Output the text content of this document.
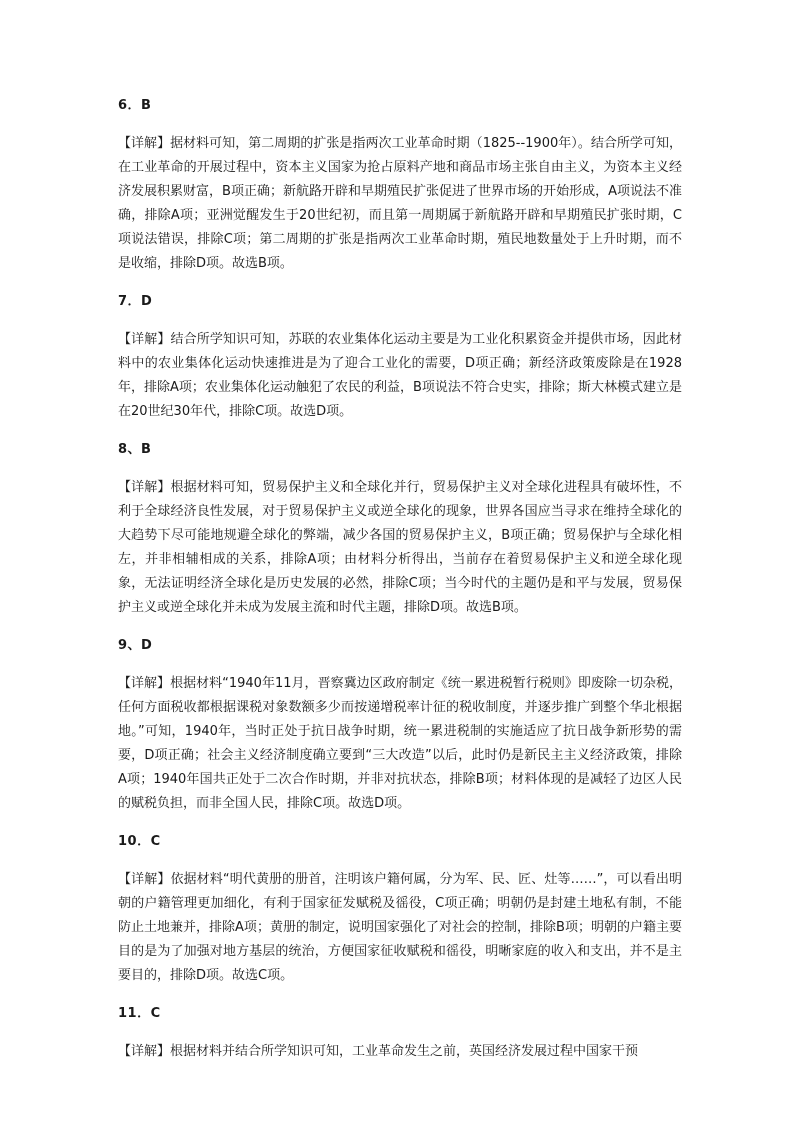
6．B
【详解】据材料可知，第二周期的扩张是指两次工业革命时期（1825--1900年）。结合所学可知，在工业革命的开展过程中，资本主义国家为抢占原料产地和商品市场主张自由主义，为资本主义经济发展积累财富，B项正确；新航路开辟和早期殖民扩张促进了世界市场的开始形成，A项说法不准确，排除A项；亚洲觉醒发生于20世纪初，而且第一周期属于新航路开辟和早期殖民扩张时期，C项说法错误，排除C项；第二周期的扩张是指两次工业革命时期，殖民地数量处于上升时期，而不是收缩，排除D项。故选B项。
7．D
【详解】结合所学知识可知，苏联的农业集体化运动主要是为工业化积累资金并提供市场，因此材料中的农业集体化运动快速推进是为了迎合工业化的需要，D项正确；新经济政策废除是在1928年，排除A项；农业集体化运动触犯了农民的利益，B项说法不符合史实，排除；斯大林模式建立是在20世纪30年代，排除C项。故选D项。
8、B
【详解】根据材料可知，贸易保护主义和全球化并行，贸易保护主义对全球化进程具有破坏性，不利于全球经济良性发展，对于贸易保护主义或逆全球化的现象，世界各国应当寻求在维持全球化的大趋势下尽可能地规避全球化的弊端，减少各国的贸易保护主义，B项正确；贸易保护与全球化相左，并非相辅相成的关系，排除A项；由材料分析得出，当前存在着贸易保护主义和逆全球化现象，无法证明经济全球化是历史发展的必然，排除C项；当今时代的主题仍是和平与发展，贸易保护主义或逆全球化并未成为发展主流和时代主题，排除D项。故选B项。
9、D
【详解】根据材料“1940年11月，晋察冀边区政府制定《统一累进税暂行税则》即废除一切杂税，任何方面税收都根据课税对象数额多少而按递增税率计征的税收制度，并逐步推广到整个华北根据地。”可知，1940年，当时正处于抗日战争时期，统一累进税制的实施适应了抗日战争新形势的需要，D项正确；社会主义经济制度确立要到“三大改造”以后，此时仍是新民主主义经济政策，排除A项；1940年国共正处于二次合作时期，并非对抗状态，排除B项；材料体现的是减轻了边区人民的赋税负担，而非全国人民，排除C项。故选D项。
10．C
【详解】依据材料“明代黄册的册首，注明该户籍何属，分为军、民、匠、灶等……”，可以看出明朝的户籍管理更加细化，有利于国家征发赋税及徭役，C项正确；明朝仍是封建土地私有制，不能防止土地兼并，排除A项；黄册的制定，说明国家强化了对社会的控制，排除B项；明朝的户籍主要目的是为了加强对地方基层的统治，方便国家征收赋税和徭役，明晰家庭的收入和支出，并不是主要目的，排除D项。故选C项。
11．C
【详解】根据材料并结合所学知识可知，工业革命发生之前，英国经济发展过程中国家干预
